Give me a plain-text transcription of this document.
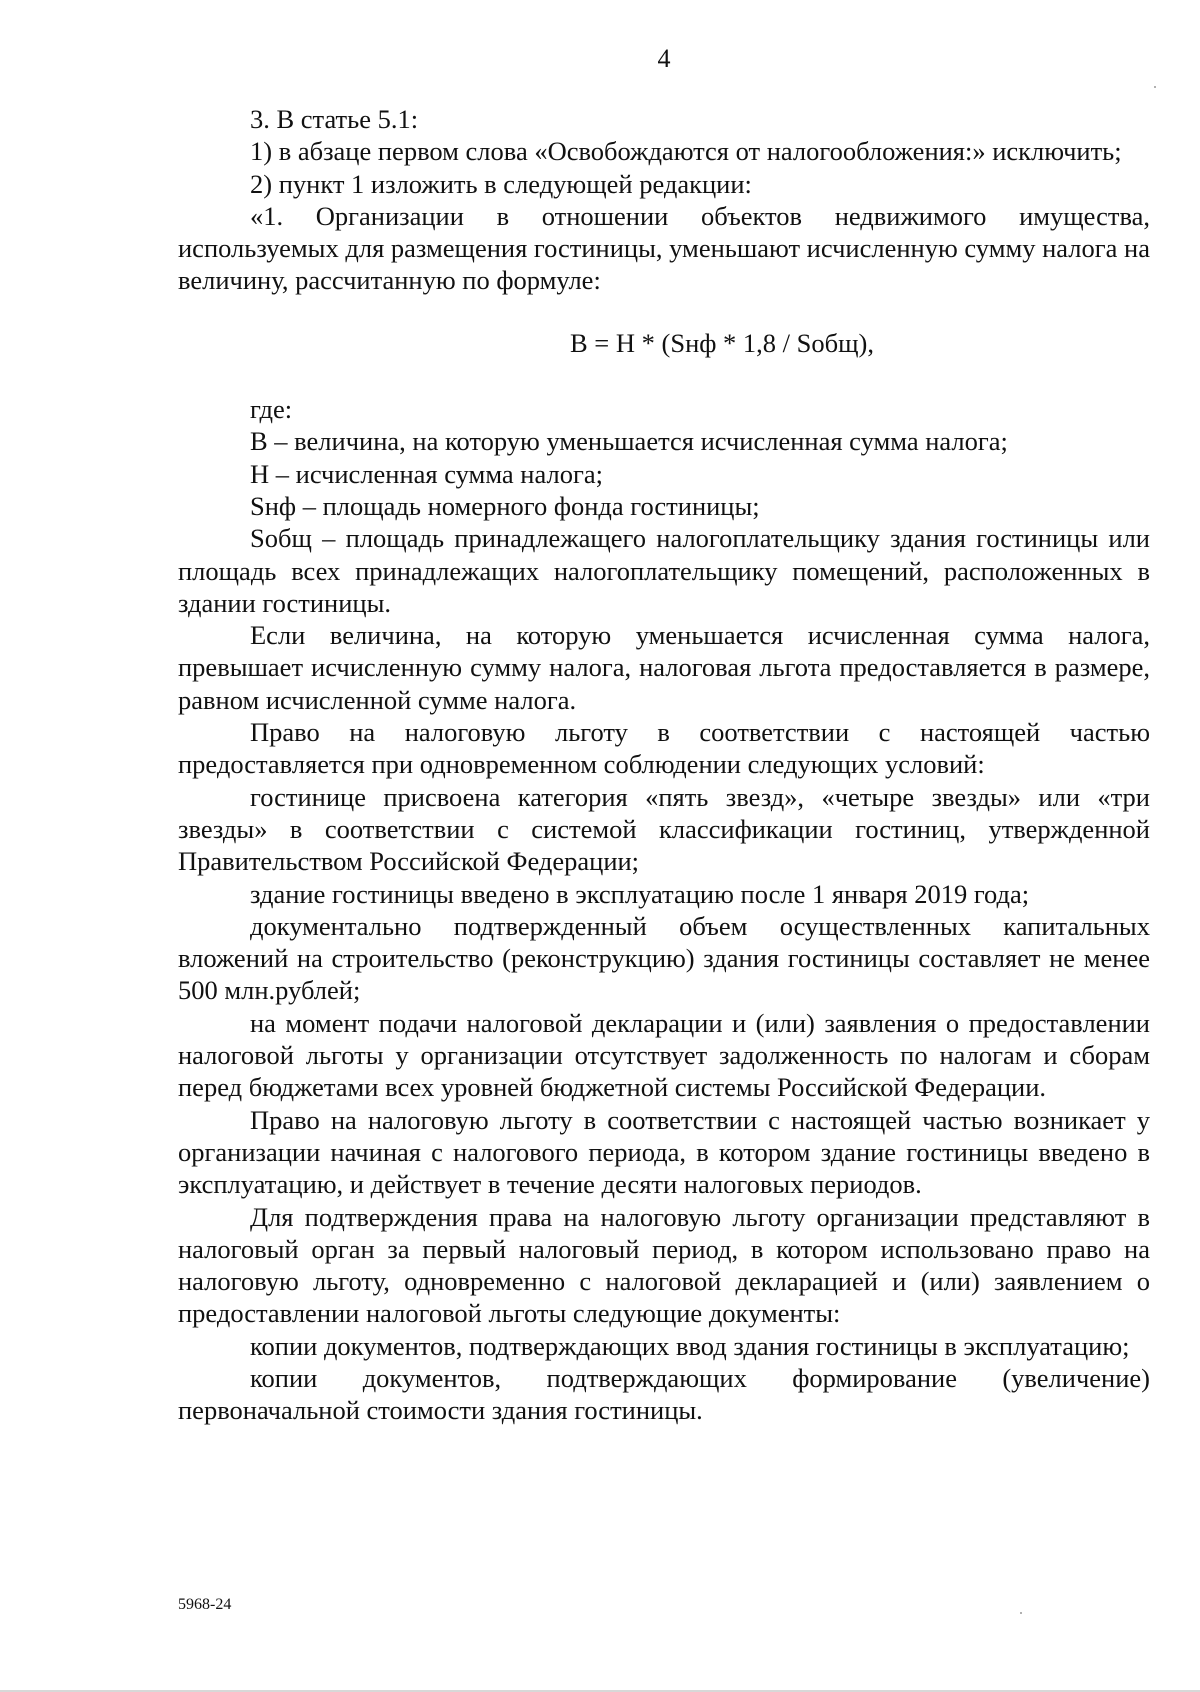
4

3. В статье 5.1:

1) в абзаце первом слова «Освобождаются от налогообложения:» исключить;

2) пункт 1 изложить в следующей редакции:

«1. Организации в отношении объектов недвижимого имущества, используемых для размещения гостиницы, уменьшают исчисленную сумму налога на величину, рассчитанную по формуле:

В = Н * (Sнф * 1,8 / Sобщ),

где:

В – величина, на которую уменьшается исчисленная сумма налога;

Н – исчисленная сумма налога;

Sнф – площадь номерного фонда гостиницы;

Sобщ – площадь принадлежащего налогоплательщику здания гостиницы или площадь всех принадлежащих налогоплательщику помещений, расположенных в здании гостиницы.

Если величина, на которую уменьшается исчисленная сумма налога, превышает исчисленную сумму налога, налоговая льгота предоставляется в размере, равном исчисленной сумме налога.

Право на налоговую льготу в соответствии с настоящей частью предоставляется при одновременном соблюдении следующих условий:

гостинице присвоена категория «пять звезд», «четыре звезды» или «три звезды» в соответствии с системой классификации гостиниц, утвержденной Правительством Российской Федерации;

здание гостиницы введено в эксплуатацию после 1 января 2019 года;

документально подтвержденный объем осуществленных капитальных вложений на строительство (реконструкцию) здания гостиницы составляет не менее 500 млн.рублей;

на момент подачи налоговой декларации и (или) заявления о предоставлении налоговой льготы у организации отсутствует задолженность по налогам и сборам перед бюджетами всех уровней бюджетной системы Российской Федерации.

Право на налоговую льготу в соответствии с настоящей частью возникает у организации начиная с налогового периода, в котором здание гостиницы введено в эксплуатацию, и действует в течение десяти налоговых периодов.

Для подтверждения права на налоговую льготу организации представляют в налоговый орган за первый налоговый период, в котором использовано право на налоговую льготу, одновременно с налоговой декларацией и (или) заявлением о предоставлении налоговой льготы следующие документы:

копии документов, подтверждающих ввод здания гостиницы в эксплуатацию;

копии документов, подтверждающих формирование (увеличение) первоначальной стоимости здания гостиницы.

5968-24
